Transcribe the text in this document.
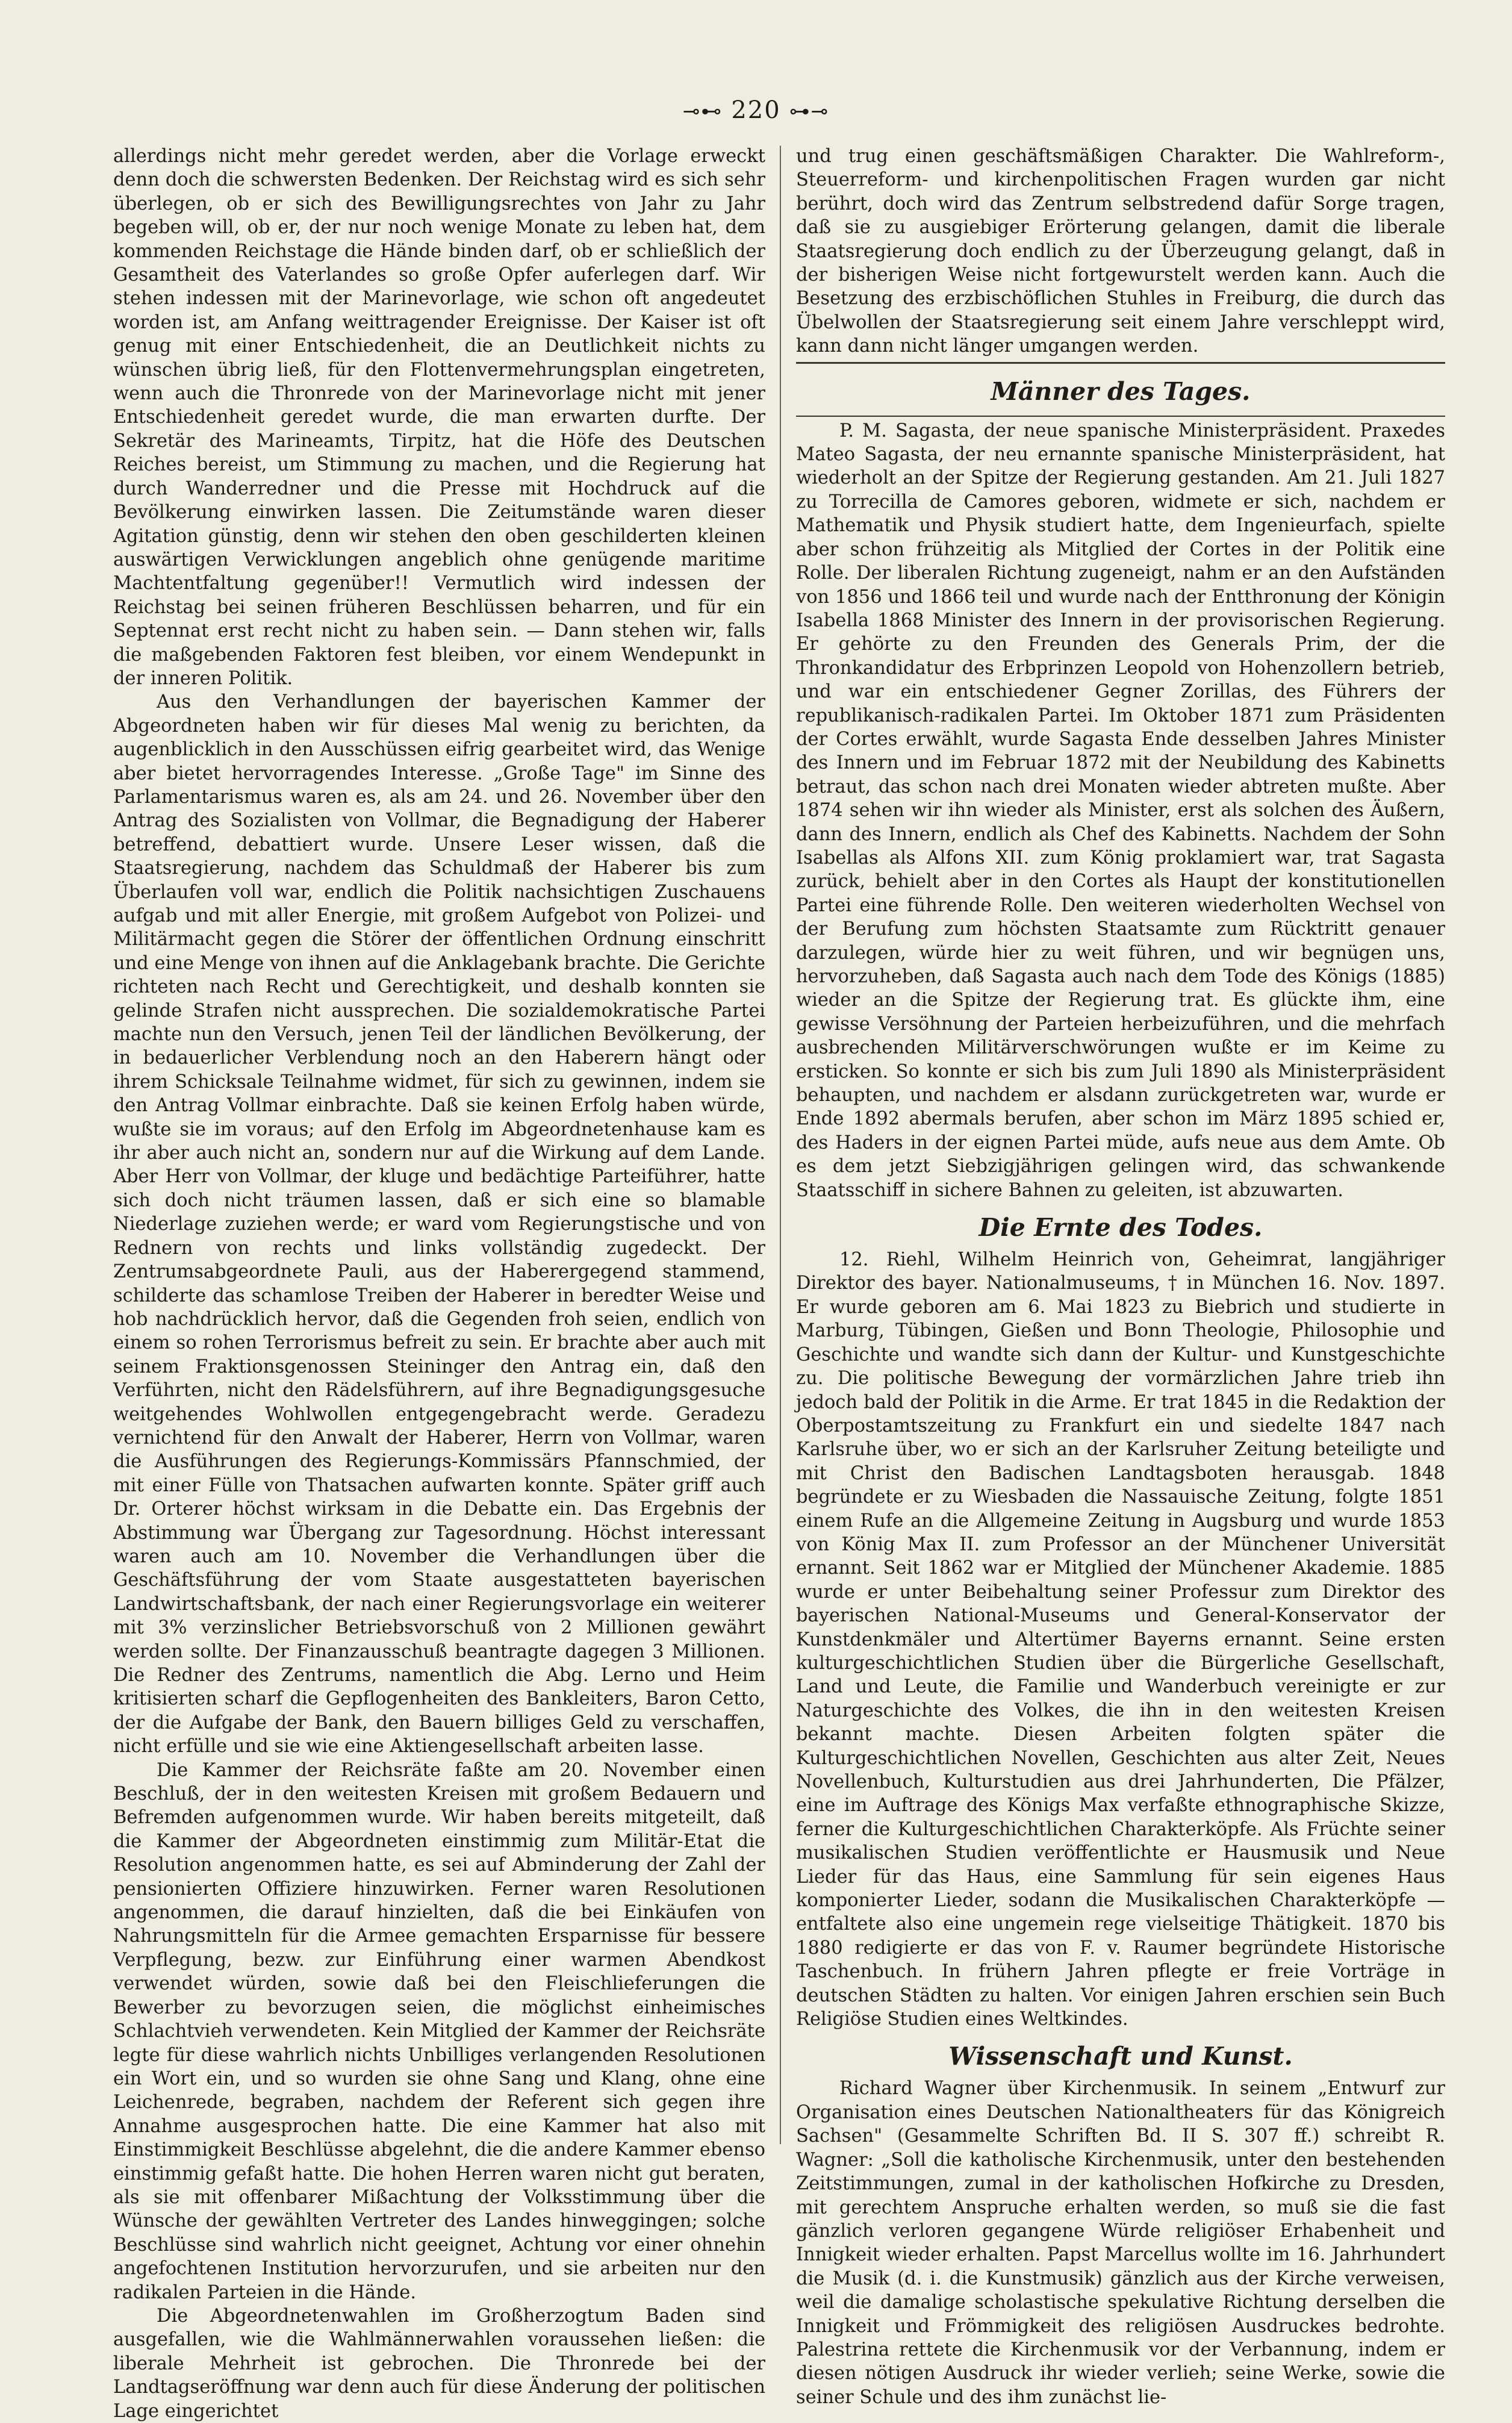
⊸⊷ 220 ⊶⊸

allerdings nicht mehr geredet werden, aber die Vorlage erweckt denn doch die schwersten Bedenken. Der Reichstag wird es sich sehr überlegen, ob er sich des Bewilligungsrechtes von Jahr zu Jahr begeben will, ob er, der nur noch wenige Monate zu leben hat, dem kommenden Reichstage die Hände binden darf, ob er schließlich der Gesamtheit des Vaterlandes so große Opfer auferlegen darf. Wir stehen indessen mit der Marinevorlage, wie schon oft angedeutet worden ist, am Anfang weittragender Ereignisse. Der Kaiser ist oft genug mit einer Entschiedenheit, die an Deutlichkeit nichts zu wünschen übrig ließ, für den Flottenvermehrungsplan eingetreten, wenn auch die Thronrede von der Marinevorlage nicht mit jener Entschiedenheit geredet wurde, die man erwarten durfte. Der Sekretär des Marineamts, Tirpitz, hat die Höfe des Deutschen Reiches bereist, um Stimmung zu machen, und die Regierung hat durch Wanderredner und die Presse mit Hochdruck auf die Bevölkerung einwirken lassen. Die Zeitumstände waren dieser Agitation günstig, denn wir stehen den oben geschilderten kleinen auswärtigen Verwicklungen angeblich ohne genügende maritime Machtentfaltung gegenüber!! Vermutlich wird indessen der Reichstag bei seinen früheren Beschlüssen beharren, und für ein Septennat erst recht nicht zu haben sein. — Dann stehen wir, falls die maßgebenden Faktoren fest bleiben, vor einem Wendepunkt in der inneren Politik.

Aus den Verhandlungen der bayerischen Kammer der Abgeordneten haben wir für dieses Mal wenig zu berichten, da augenblicklich in den Ausschüssen eifrig gearbeitet wird, das Wenige aber bietet hervorragendes Interesse. „Große Tage" im Sinne des Parlamentarismus waren es, als am 24. und 26. November über den Antrag des Sozialisten von Vollmar, die Begnadigung der Haberer betreffend, debattiert wurde. Unsere Leser wissen, daß die Staatsregierung, nachdem das Schuldmaß der Haberer bis zum Überlaufen voll war, endlich die Politik nachsichtigen Zuschauens aufgab und mit aller Energie, mit großem Aufgebot von Polizei- und Militärmacht gegen die Störer der öffentlichen Ordnung einschritt und eine Menge von ihnen auf die Anklagebank brachte. Die Gerichte richteten nach Recht und Gerechtigkeit, und deshalb konnten sie gelinde Strafen nicht aussprechen. Die sozialdemokratische Partei machte nun den Versuch, jenen Teil der ländlichen Bevölkerung, der in bedauerlicher Verblendung noch an den Haberern hängt oder ihrem Schicksale Teilnahme widmet, für sich zu gewinnen, indem sie den Antrag Vollmar einbrachte. Daß sie keinen Erfolg haben würde, wußte sie im voraus; auf den Erfolg im Abgeordnetenhause kam es ihr aber auch nicht an, sondern nur auf die Wirkung auf dem Lande. Aber Herr von Vollmar, der kluge und bedächtige Parteiführer, hatte sich doch nicht träumen lassen, daß er sich eine so blamable Niederlage zuziehen werde; er ward vom Regierungstische und von Rednern von rechts und links vollständig zugedeckt. Der Zentrumsabgeordnete Pauli, aus der Haberergegend stammend, schilderte das schamlose Treiben der Haberer in beredter Weise und hob nachdrücklich hervor, daß die Gegenden froh seien, endlich von einem so rohen Terrorismus befreit zu sein. Er brachte aber auch mit seinem Fraktionsgenossen Steininger den Antrag ein, daß den Verführten, nicht den Rädelsführern, auf ihre Begnadigungsgesuche weitgehendes Wohlwollen entgegengebracht werde. Geradezu vernichtend für den Anwalt der Haberer, Herrn von Vollmar, waren die Ausführungen des Regierungs-Kommissärs Pfannschmied, der mit einer Fülle von Thatsachen aufwarten konnte. Später griff auch Dr. Orterer höchst wirksam in die Debatte ein. Das Ergebnis der Abstimmung war Übergang zur Tagesordnung. Höchst interessant waren auch am 10. November die Verhandlungen über die Geschäftsführung der vom Staate ausgestatteten bayerischen Landwirtschaftsbank, der nach einer Regierungsvorlage ein weiterer mit 3% verzinslicher Betriebsvorschuß von 2 Millionen gewährt werden sollte. Der Finanzausschuß beantragte dagegen 3 Millionen. Die Redner des Zentrums, namentlich die Abg. Lerno und Heim kritisierten scharf die Gepflogenheiten des Bankleiters, Baron Cetto, der die Aufgabe der Bank, den Bauern billiges Geld zu verschaffen, nicht erfülle und sie wie eine Aktiengesellschaft arbeiten lasse.

Die Kammer der Reichsräte faßte am 20. November einen Beschluß, der in den weitesten Kreisen mit großem Bedauern und Befremden aufgenommen wurde. Wir haben bereits mitgeteilt, daß die Kammer der Abgeordneten einstimmig zum Militär-Etat die Resolution angenommen hatte, es sei auf Abminderung der Zahl der pensionierten Offiziere hinzuwirken. Ferner waren Resolutionen angenommen, die darauf hinzielten, daß die bei Einkäufen von Nahrungsmitteln für die Armee gemachten Ersparnisse für bessere Verpflegung, bezw. zur Einführung einer warmen Abendkost verwendet würden, sowie daß bei den Fleischlieferungen die Bewerber zu bevorzugen seien, die möglichst einheimisches Schlachtvieh verwendeten. Kein Mitglied der Kammer der Reichsräte legte für diese wahrlich nichts Unbilliges verlangenden Resolutionen ein Wort ein, und so wurden sie ohne Sang und Klang, ohne eine Leichenrede, begraben, nachdem der Referent sich gegen ihre Annahme ausgesprochen hatte. Die eine Kammer hat also mit Einstimmigkeit Beschlüsse abgelehnt, die die andere Kammer ebenso einstimmig gefaßt hatte. Die hohen Herren waren nicht gut beraten, als sie mit offenbarer Mißachtung der Volksstimmung über die Wünsche der gewählten Vertreter des Landes hinweggingen; solche Beschlüsse sind wahrlich nicht geeignet, Achtung vor einer ohnehin angefochtenen Institution hervorzurufen, und sie arbeiten nur den radikalen Parteien in die Hände.

Die Abgeordnetenwahlen im Großherzogtum Baden sind ausgefallen, wie die Wahlmännerwahlen voraussehen ließen: die liberale Mehrheit ist gebrochen. Die Thronrede bei der Landtagseröffnung war denn auch für diese Änderung der politischen Lage eingerichtet

und trug einen geschäftsmäßigen Charakter. Die Wahlreform-, Steuerreform- und kirchenpolitischen Fragen wurden gar nicht berührt, doch wird das Zentrum selbstredend dafür Sorge tragen, daß sie zu ausgiebiger Erörterung gelangen, damit die liberale Staatsregierung doch endlich zu der Überzeugung gelangt, daß in der bisherigen Weise nicht fortgewurstelt werden kann. Auch die Besetzung des erzbischöflichen Stuhles in Freiburg, die durch das Übelwollen der Staatsregierung seit einem Jahre verschleppt wird, kann dann nicht länger umgangen werden.

Männer des Tages.

P. M. Sagasta, der neue spanische Ministerpräsident. Praxedes Mateo Sagasta, der neu ernannte spanische Ministerpräsident, hat wiederholt an der Spitze der Regierung gestanden. Am 21. Juli 1827 zu Torrecilla de Camores geboren, widmete er sich, nachdem er Mathematik und Physik studiert hatte, dem Ingenieurfach, spielte aber schon frühzeitig als Mitglied der Cortes in der Politik eine Rolle. Der liberalen Richtung zugeneigt, nahm er an den Aufständen von 1856 und 1866 teil und wurde nach der Entthronung der Königin Isabella 1868 Minister des Innern in der provisorischen Regierung. Er gehörte zu den Freunden des Generals Prim, der die Thronkandidatur des Erbprinzen Leopold von Hohenzollern betrieb, und war ein entschiedener Gegner Zorillas, des Führers der republikanisch-radikalen Partei. Im Oktober 1871 zum Präsidenten der Cortes erwählt, wurde Sagasta Ende desselben Jahres Minister des Innern und im Februar 1872 mit der Neubildung des Kabinetts betraut, das schon nach drei Monaten wieder abtreten mußte. Aber 1874 sehen wir ihn wieder als Minister, erst als solchen des Äußern, dann des Innern, endlich als Chef des Kabinetts. Nachdem der Sohn Isabellas als Alfons XII. zum König proklamiert war, trat Sagasta zurück, behielt aber in den Cortes als Haupt der konstitutionellen Partei eine führende Rolle. Den weiteren wiederholten Wechsel von der Berufung zum höchsten Staatsamte zum Rücktritt genauer darzulegen, würde hier zu weit führen, und wir begnügen uns, hervorzuheben, daß Sagasta auch nach dem Tode des Königs (1885) wieder an die Spitze der Regierung trat. Es glückte ihm, eine gewisse Versöhnung der Parteien herbeizuführen, und die mehrfach ausbrechenden Militärverschwörungen wußte er im Keime zu ersticken. So konnte er sich bis zum Juli 1890 als Ministerpräsident behaupten, und nachdem er alsdann zurückgetreten war, wurde er Ende 1892 abermals berufen, aber schon im März 1895 schied er, des Haders in der eignen Partei müde, aufs neue aus dem Amte. Ob es dem jetzt Siebzigjährigen gelingen wird, das schwankende Staatsschiff in sichere Bahnen zu geleiten, ist abzuwarten.

Die Ernte des Todes.

12. Riehl, Wilhelm Heinrich von, Geheimrat, langjähriger Direktor des bayer. Nationalmuseums, † in München 16. Nov. 1897. Er wurde geboren am 6. Mai 1823 zu Biebrich und studierte in Marburg, Tübingen, Gießen und Bonn Theologie, Philosophie und Geschichte und wandte sich dann der Kultur- und Kunstgeschichte zu. Die politische Bewegung der vormärzlichen Jahre trieb ihn jedoch bald der Politik in die Arme. Er trat 1845 in die Redaktion der Oberpostamtszeitung zu Frankfurt ein und siedelte 1847 nach Karlsruhe über, wo er sich an der Karlsruher Zeitung beteiligte und mit Christ den Badischen Landtagsboten herausgab. 1848 begründete er zu Wiesbaden die Nassauische Zeitung, folgte 1851 einem Rufe an die Allgemeine Zeitung in Augsburg und wurde 1853 von König Max II. zum Professor an der Münchener Universität ernannt. Seit 1862 war er Mitglied der Münchener Akademie. 1885 wurde er unter Beibehaltung seiner Professur zum Direktor des bayerischen National-Museums und General-Konservator der Kunstdenkmäler und Altertümer Bayerns ernannt. Seine ersten kulturgeschichtlichen Studien über die Bürgerliche Gesellschaft, Land und Leute, die Familie und Wanderbuch vereinigte er zur Naturgeschichte des Volkes, die ihn in den weitesten Kreisen bekannt machte. Diesen Arbeiten folgten später die Kulturgeschichtlichen Novellen, Geschichten aus alter Zeit, Neues Novellenbuch, Kulturstudien aus drei Jahrhunderten, Die Pfälzer, eine im Auftrage des Königs Max verfaßte ethnographische Skizze, ferner die Kulturgeschichtlichen Charakterköpfe. Als Früchte seiner musikalischen Studien veröffentlichte er Hausmusik und Neue Lieder für das Haus, eine Sammlung für sein eigenes Haus komponierter Lieder, sodann die Musikalischen Charakterköpfe — entfaltete also eine ungemein rege vielseitige Thätigkeit. 1870 bis 1880 redigierte er das von F. v. Raumer begründete Historische Taschenbuch. In frühern Jahren pflegte er freie Vorträge in deutschen Städten zu halten. Vor einigen Jahren erschien sein Buch Religiöse Studien eines Weltkindes.

Wissenschaft und Kunst.

Richard Wagner über Kirchenmusik. In seinem „Entwurf zur Organisation eines Deutschen Nationaltheaters für das Königreich Sachsen" (Gesammelte Schriften Bd. II S. 307 ff.) schreibt R. Wagner: „Soll die katholische Kirchenmusik, unter den bestehenden Zeitstimmungen, zumal in der katholischen Hofkirche zu Dresden, mit gerechtem Anspruche erhalten werden, so muß sie die fast gänzlich verloren gegangene Würde religiöser Erhabenheit und Innigkeit wieder erhalten. Papst Marcellus wollte im 16. Jahrhundert die Musik (d. i. die Kunstmusik) gänzlich aus der Kirche verweisen, weil die damalige scholastische spekulative Richtung derselben die Innigkeit und Frömmigkeit des religiösen Ausdruckes bedrohte. Palestrina rettete die Kirchenmusik vor der Verbannung, indem er diesen nötigen Ausdruck ihr wieder verlieh; seine Werke, sowie die seiner Schule und des ihm zunächst lie-
